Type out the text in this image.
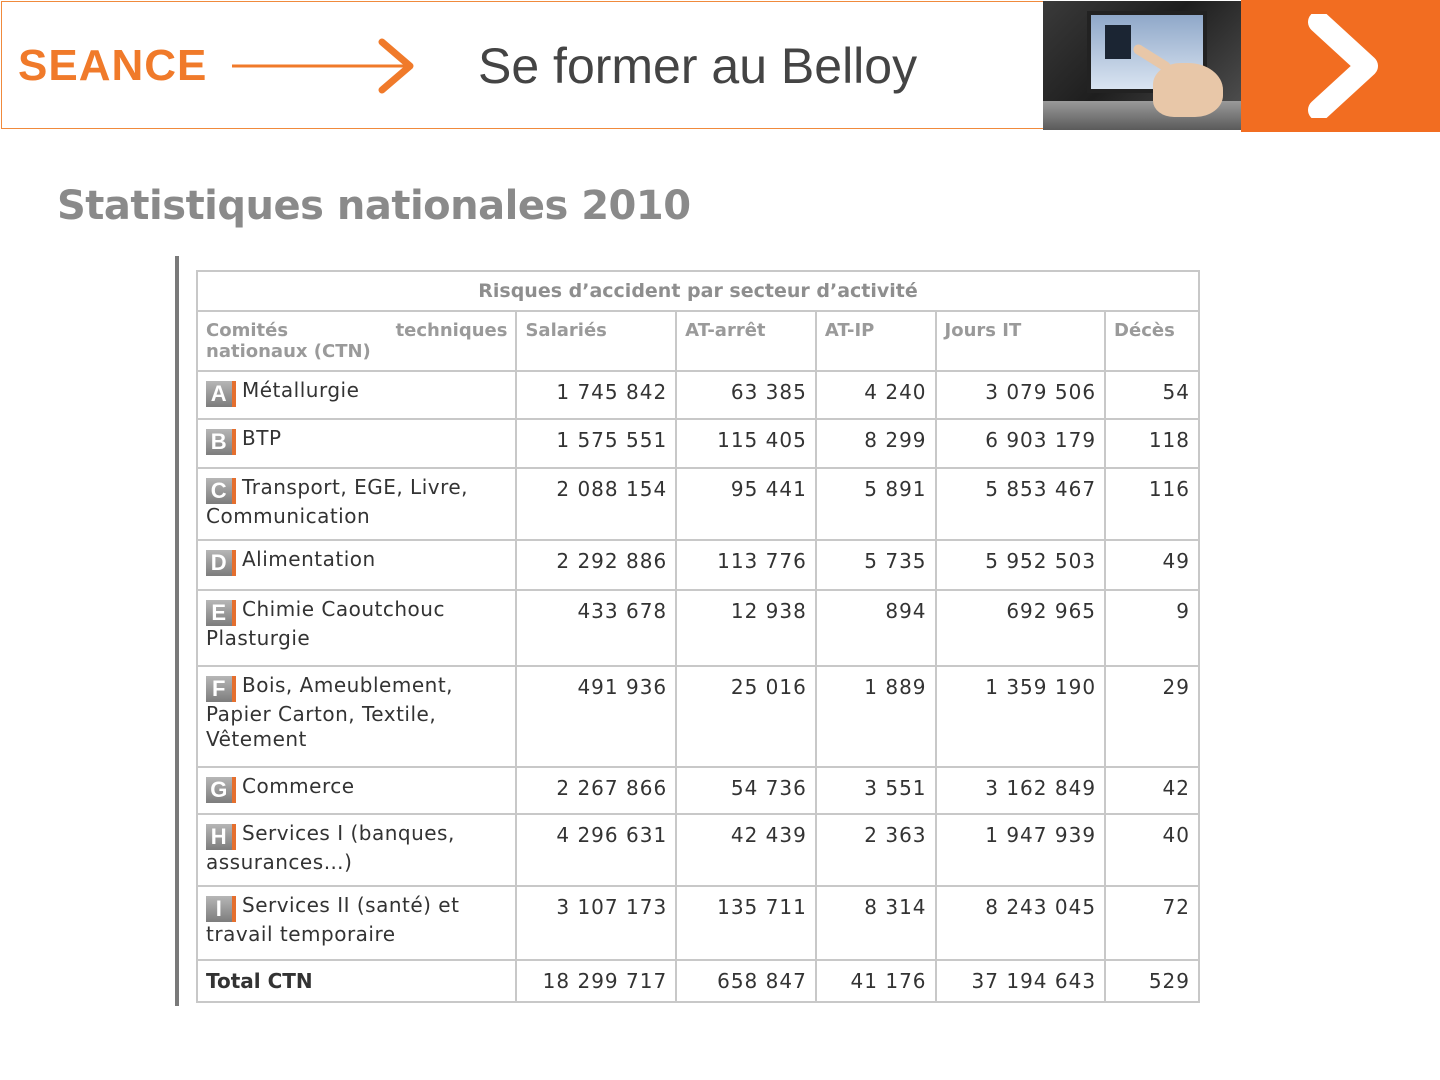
SEANCE	Se former au Belloy
Statistiques nationales 2010
Risques d’accident par secteur d’activité					

Comités techniques
nationaux (CTN)	Salariés	AT-arrêt	AT-IP	Jours IT	Décès
A Métallurgie	1 745 842	63 385	4 240	3 079 506	54
B BTP	1 575 551	115 405	8 299	6 903 179	118
C Transport, EGE, Livre, Communication	2 088 154	95 441	5 891	5 853 467	116
D Alimentation	2 292 886	113 776	5 735	5 952 503	49
E Chimie Caoutchouc Plasturgie	433 678	12 938	894	692 965	9
F Bois, Ameublement, Papier Carton, Textile, Vêtement	491 936	25 016	1 889	1 359 190	29
G Commerce	2 267 866	54 736	3 551	3 162 849	42
H Services I (banques, assurances…)	4 296 631	42 439	2 363	1 947 939	40
I Services II (santé) et travail temporaire	3 107 173	135 711	8 314	8 243 045	72
Total CTN	18 299 717	658 847	41 176	37 194 643	529
